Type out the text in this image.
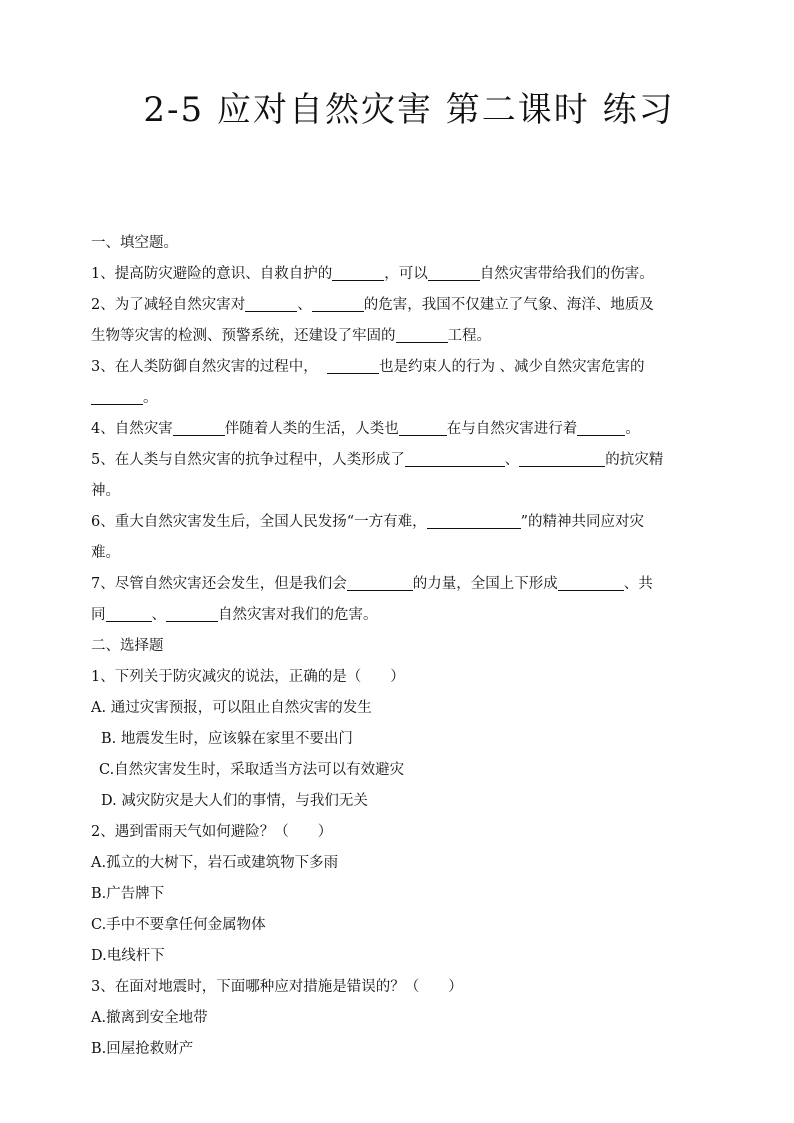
2-5 应对自然灾害 第二课时 练习
一、填空题。
1、提高防灾避险的意识、自救自护的	，可以	自然灾害带给我们的伤害。
2、为了减轻自然灾害对	、	的危害，我国不仅建立了气象、海洋、地质及
生物等灾害的检测、预警系统，还建设了牢固的	工程。
3、在人类防御自然灾害的过程中，	也是约束人的行为 、减少自然灾害危害的
。
4、自然灾害	伴随着人类的生活，人类也	在与自然灾害进行着	。
5、在人类与自然灾害的抗争过程中，人类形成了	、	的抗灾精
神。
6、重大自然灾害发生后，全国人民发扬“一方有难，	”的精神共同应对灾
难。
7、尽管自然灾害还会发生，但是我们会	的力量，全国上下形成	、共
同	、	自然灾害对我们的危害。
二、选择题
1、下列关于防灾减灾的说法，正确的是（　　）
A. 通过灾害预报，可以阻止自然灾害的发生
B. 地震发生时，应该躲在家里不要出门
C.自然灾害发生时，采取适当方法可以有效避灾
D. 减灾防灾是大人们的事情，与我们无关
2、遇到雷雨天气如何避险？（　　）
A.孤立的大树下，岩石或建筑物下多雨
B.广告牌下
C.手中不要拿任何金属物体
D.电线杆下
3、在面对地震时，下面哪种应对措施是错误的？（　　）
A.撤离到安全地带
B.回屋抢救财产
